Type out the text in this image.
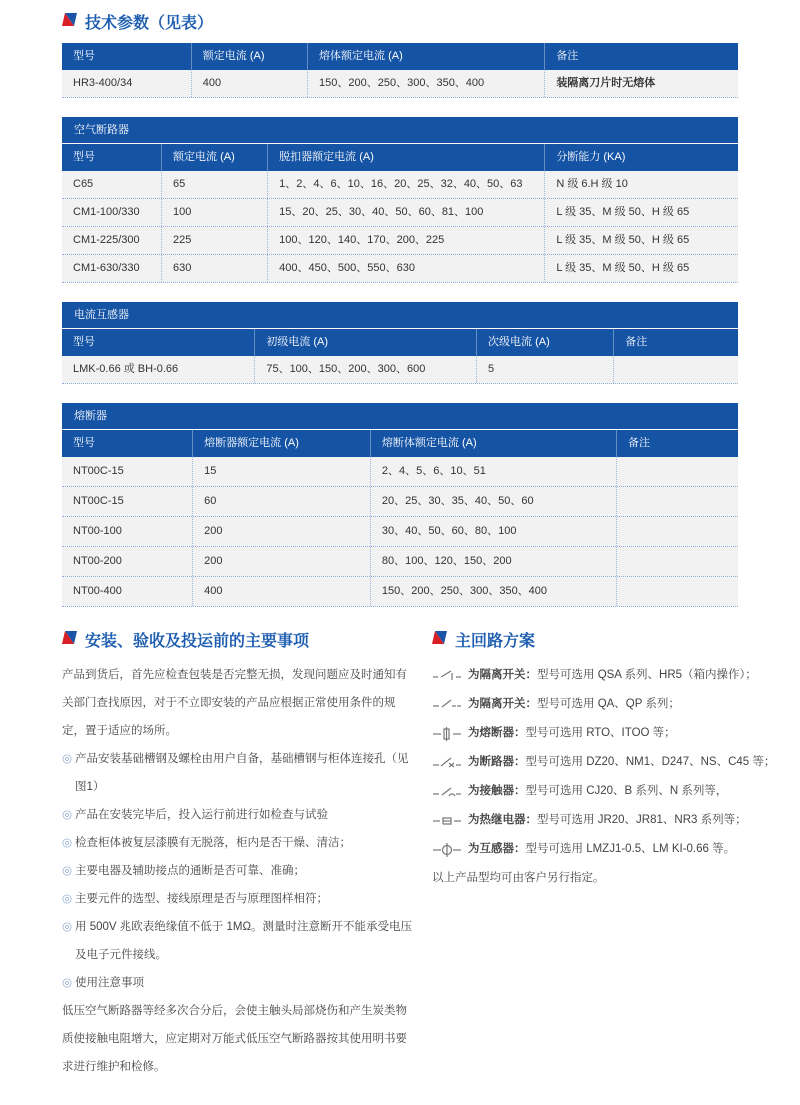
技术参数（见表）
型号	额定电流 (A)	熔体额定电流 (A)	备注
HR3-400/34	400	150、200、250、300、350、400	装隔离刀片时无熔体
空气断路器
型号	额定电流 (A)	脱扣器额定电流 (A)	分断能力 (KA)
C65	65	1、2、4、6、10、16、20、25、32、40、50、63	N 级 6.H 级 10
CM1-100/330	100	15、20、25、30、40、50、60、81、100	L 级 35、M 级 50、H 级 65
CM1-225/300	225	100、120、140、170、200、225	L 级 35、M 级 50、H 级 65
CM1-630/330	630	400、450、500、550、630	L 级 35、M 级 50、H 级 65
电流互感器
型号	初级电流 (A)	次级电流 (A)	备注
LMK-0.66 或 BH-0.66	75、100、150、200、300、600	5
熔断器
型号	熔断器额定电流 (A)	熔断体额定电流 (A)	备注
NT00C-15	15	2、4、5、6、10、51
NT00C-15	60	20、25、30、35、40、50、60
NT00-100	200	30、40、50、60、80、100
NT00-200	200	80、100、120、150、200
NT00-400	400	150、200、250、300、350、400
安装、验收及投运前的主要事项

产品到货后，首先应检查包装是否完整无损，发现问题应及时通知有关部门查找原因，对于不立即安装的产品应根据正常使用条件的规定，置于适应的场所。

◎ 产品安装基础槽钢及螺栓由用户自备，基础槽钢与柜体连接孔（见图1）
◎ 产品在安装完毕后，投入运行前进行如检查与试验
◎ 检查柜体被复层漆膜有无脱落，柜内是否干燥、清洁；
◎ 主要电器及辅助接点的通断是否可靠、准确；
◎ 主要元件的选型、接线原理是否与原理图样相符；
◎ 用 500V 兆欧表绝缘值不低于 1MΩ。测量时注意断开不能承受电压及电子元件接线。
◎ 使用注意事项
低压空气断路器等经多次合分后，会使主触头局部烧伤和产生炭类物质使接触电阻增大，应定期对万能式低压空气断路器按其使用明书要求进行维护和检修。
主回路方案
为隔离开关： 型号可选用 QSA 系列、HR5（箱内操作）；
为隔离开关： 型号可选用 QA、QP 系列；
为熔断器： 型号可选用 RTO、ITOO 等；
为断路器： 型号可选用 DZ20、NM1、D247、NS、C45 等；
为接触器： 型号可选用 CJ20、B 系列、N 系列等，
为热继电器： 型号可选用 JR20、JR81、NR3 系列等；
为互感器： 型号可选用 LMZJ1-0.5、LM KI-0.66 等。
以上产品型均可由客户另行指定。
